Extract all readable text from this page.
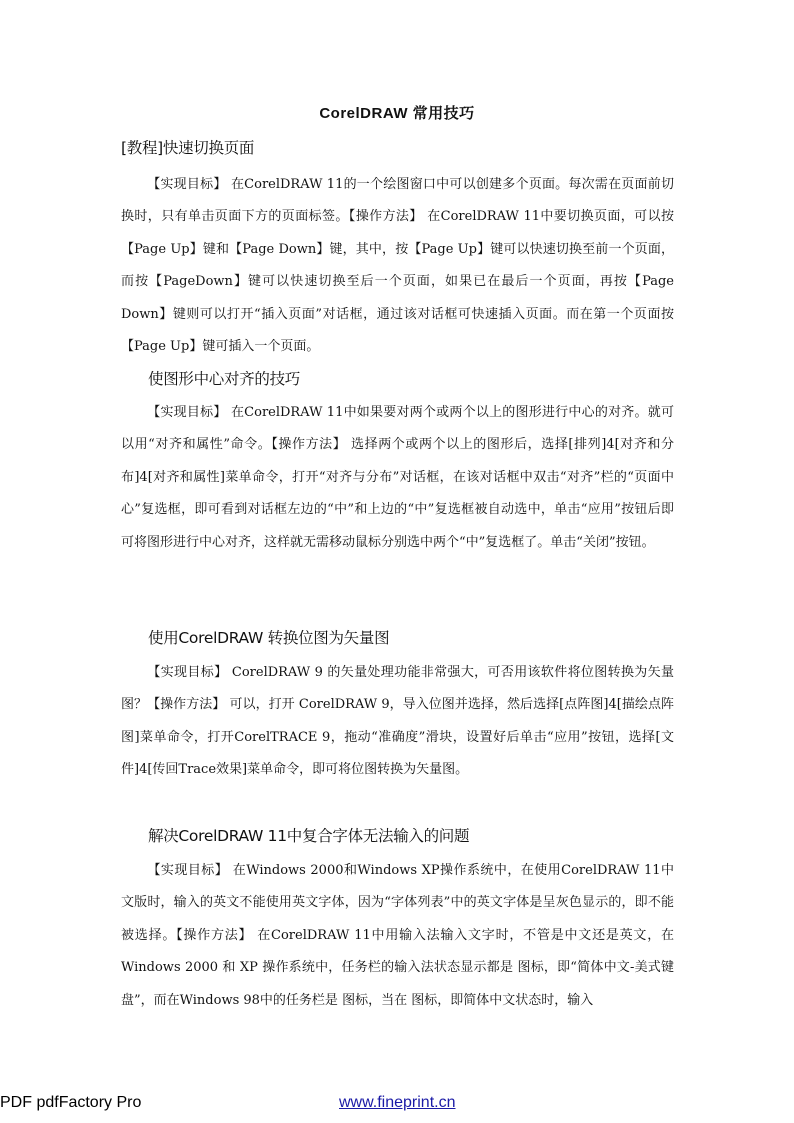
CorelDRAW 常用技巧
[教程]快速切换页面

【实现目标】 在CorelDRAW 11的一个绘图窗口中可以创建多个页面。每次需在页面前切换时，只有单击页面下方的页面标签。【操作方法】 在CorelDRAW 11中要切换页面，可以按【Page Up】键和【Page Down】键，其中，按【Page Up】键可以快速切换至前一个页面，而按【PageDown】键可以快速切换至后一个页面，如果已在最后一个页面，再按【Page Down】键则可以打开“插入页面”对话框，通过该对话框可快速插入页面。而在第一个页面按【Page Up】键可插入一个页面。

使图形中心对齐的技巧

【实现目标】 在CorelDRAW 11中如果要对两个或两个以上的图形进行中心的对齐。就可以用“对齐和属性”命令。【操作方法】 选择两个或两个以上的图形后，选择[排列]4[对齐和分布]4[对齐和属性]菜单命令，打开“对齐与分布”对话框，在该对话框中双击“对齐”栏的“页面中心”复选框，即可看到对话框左边的“中”和上边的“中”复选框被自动选中，单击“应用”按钮后即可将图形进行中心对齐，这样就无需移动鼠标分别选中两个“中”复选框了。单击“关闭”按钮。

使用CorelDRAW 转换位图为矢量图

【实现目标】 CorelDRAW 9 的矢量处理功能非常强大，可否用该软件将位图转换为矢量图？【操作方法】 可以，打开 CorelDRAW 9，导入位图并选择，然后选择[点阵图]4[描绘点阵图]菜单命令，打开CorelTRACE 9，拖动“准确度”滑块，设置好后单击“应用”按钮，选择[文件]4[传回Trace效果]菜单命令，即可将位图转换为矢量图。

解决CorelDRAW 11中复合字体无法输入的问题

【实现目标】 在Windows 2000和Windows XP操作系统中，在使用CorelDRAW 11中文版时，输入的英文不能使用英文字体，因为“字体列表”中的英文字体是呈灰色显示的，即不能被选择。【操作方法】 在CorelDRAW 11中用输入法输入文字时，不管是中文还是英文，在 Windows 2000 和 XP 操作系统中，任务栏的输入法状态显示都是 图标，即“简体中文-美式键盘”，而在Windows 98中的任务栏是 图标，当在 图标，即简体中文状态时，输入

PDF pdfFactory Pro	www.fineprint.cn
